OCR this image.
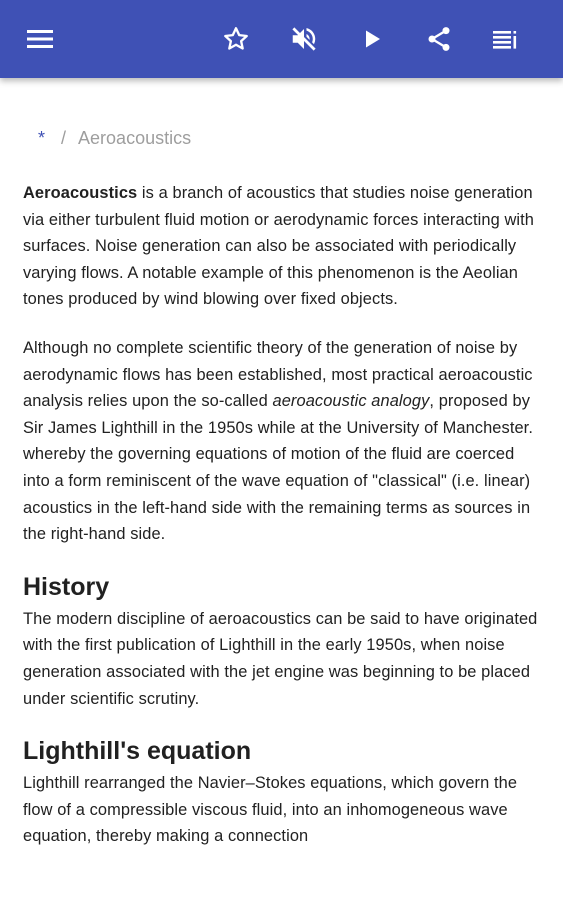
* / Aeroacoustics

Aeroacoustics is a branch of acoustics that studies noise generation via either turbulent fluid motion or aerodynamic forces interacting with surfaces. Noise generation can also be associated with periodically varying flows. A notable example of this phenomenon is the Aeolian tones produced by wind blowing over fixed objects.

Although no complete scientific theory of the generation of noise by aerodynamic flows has been established, most practical aeroacoustic analysis relies upon the so-called aeroacoustic analogy, proposed by Sir James Lighthill in the 1950s while at the University of Manchester. whereby the governing equations of motion of the fluid are coerced into a form reminiscent of the wave equation of "classical" (i.e. linear) acoustics in the left-hand side with the remaining terms as sources in the right-hand side.

History

The modern discipline of aeroacoustics can be said to have originated with the first publication of Lighthill in the early 1950s, when noise generation associated with the jet engine was beginning to be placed under scientific scrutiny.

Lighthill's equation

Lighthill rearranged the Navier–Stokes equations, which govern the flow of a compressible viscous fluid, into an inhomogeneous wave equation, thereby making a connection
